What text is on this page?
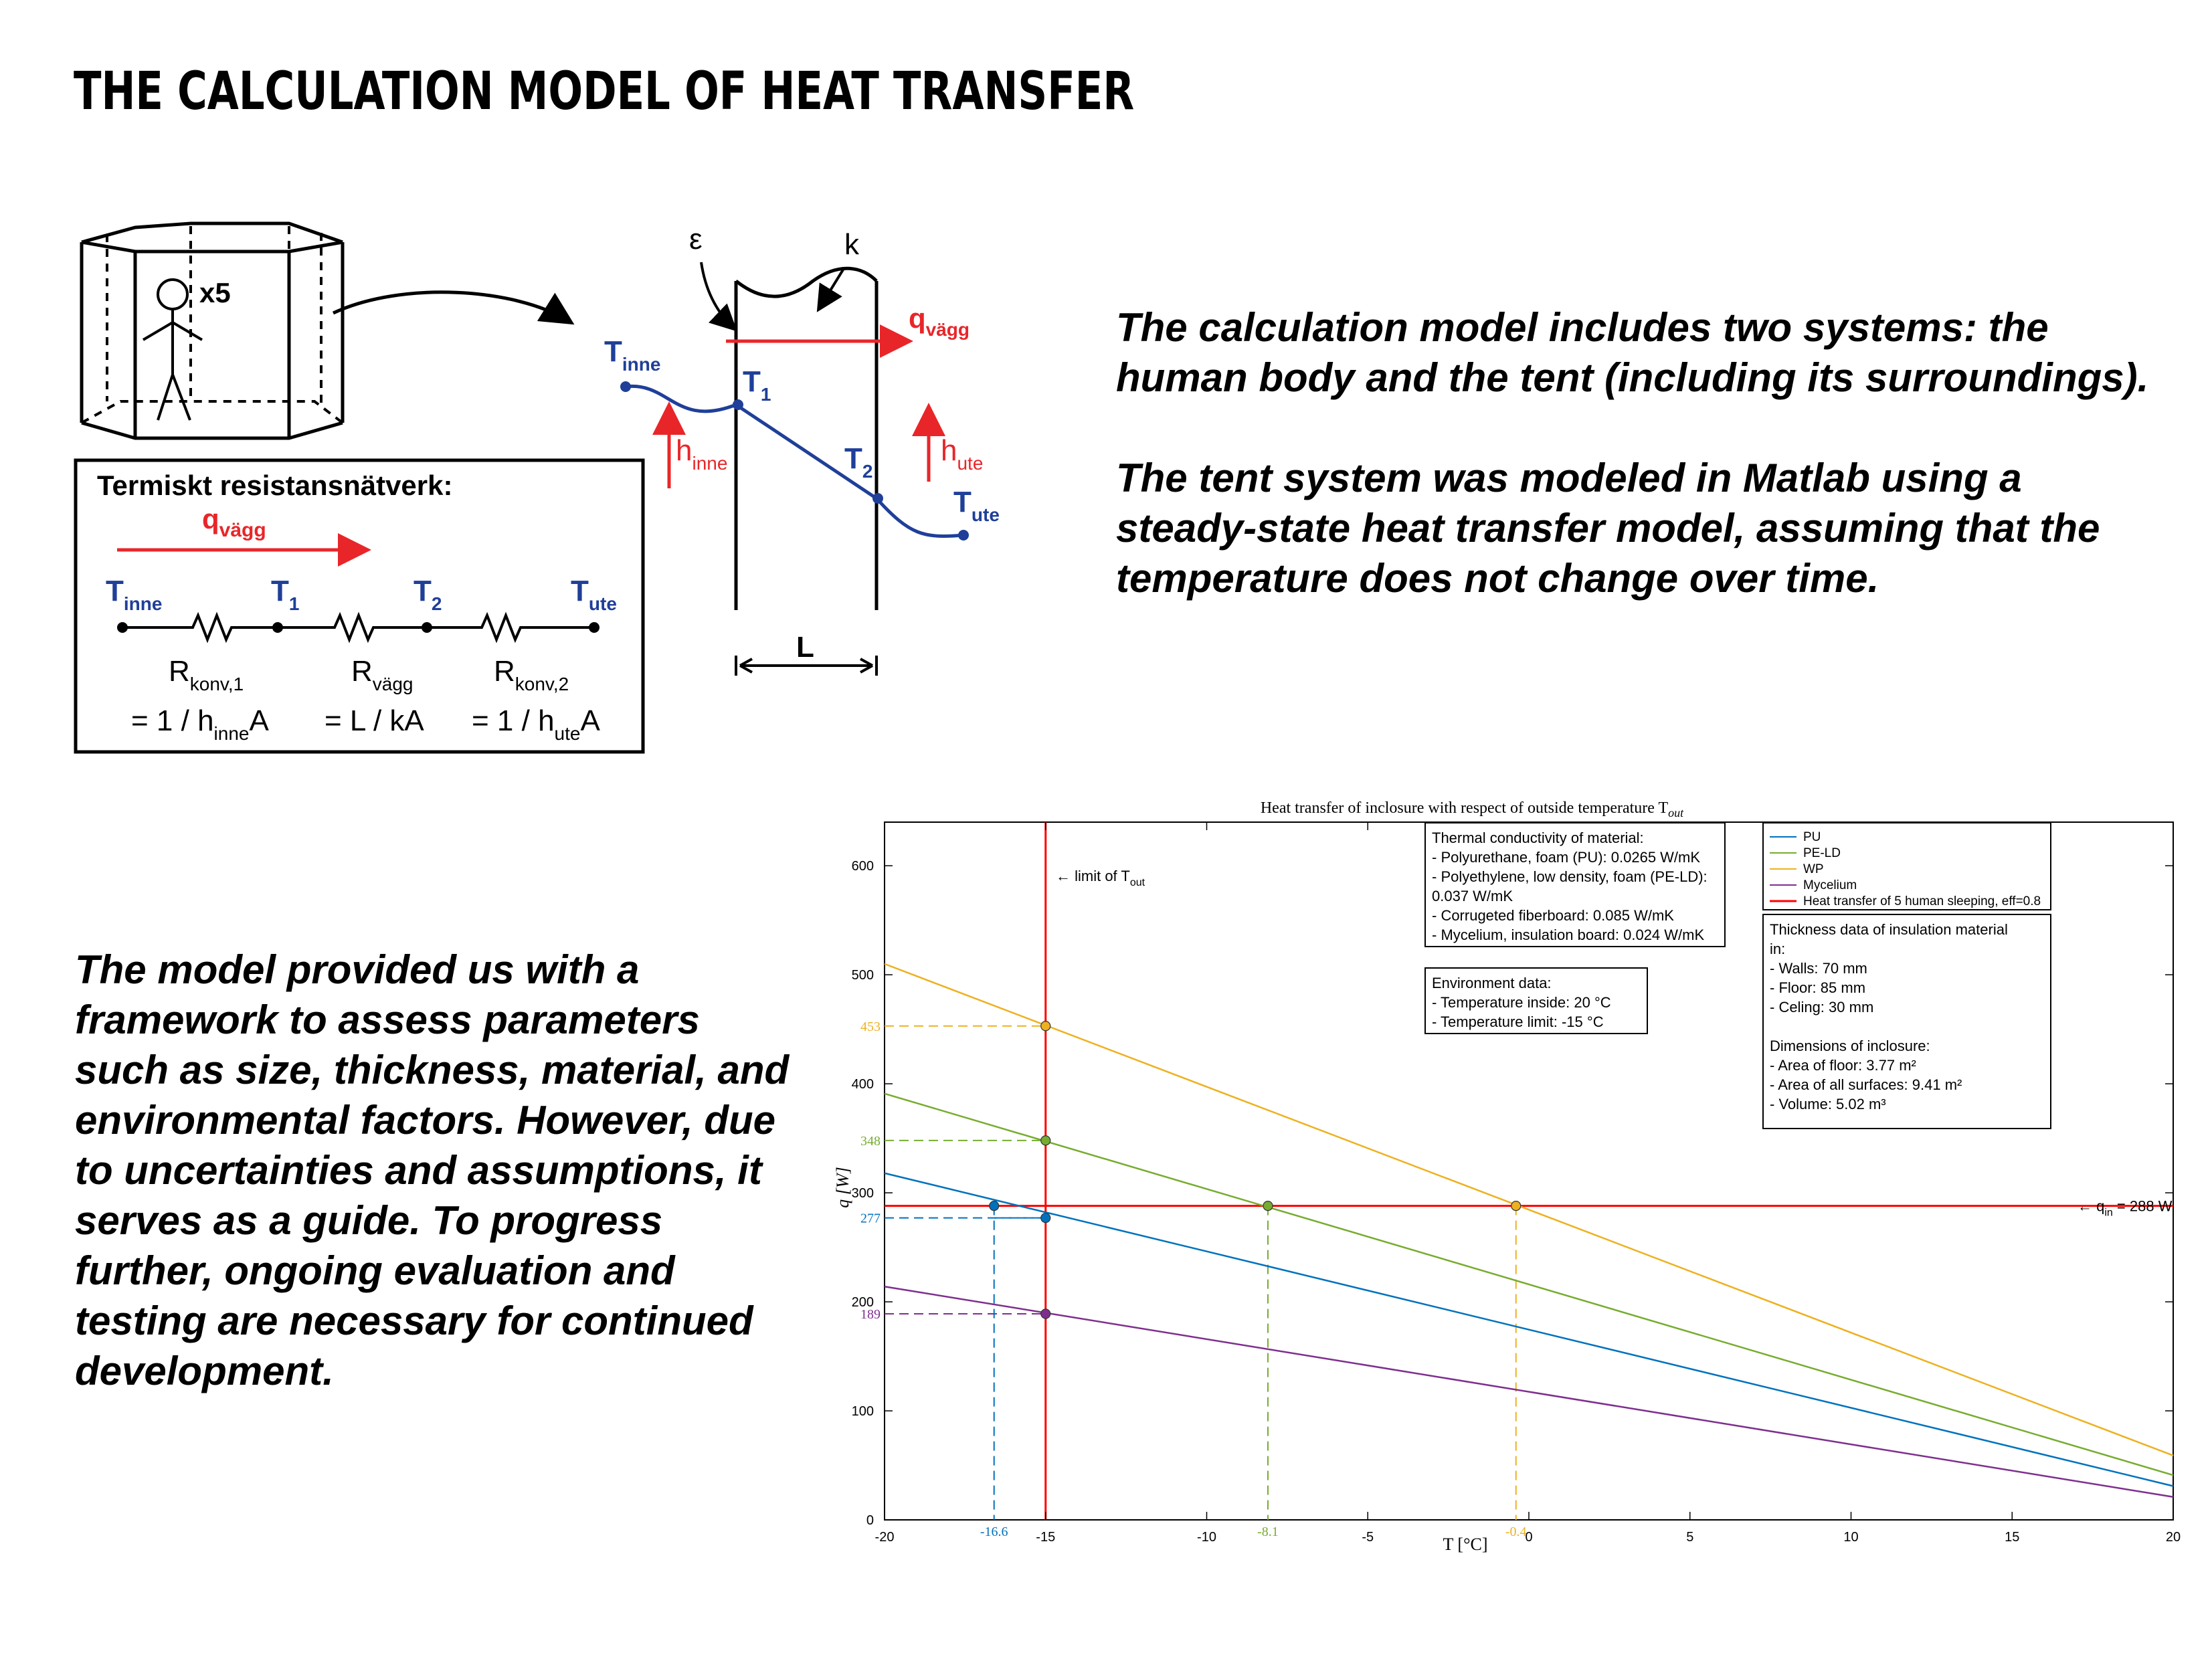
THE CALCULATION MODEL OF HEAT TRANSFER
x5
Termiskt resistansnätverk:
$q_{vägg}$
$T_{inne}$	$T_1$	$T_2$	$T_{ute}$
$R_{konv,1}$	$R_{vägg}$	$R_{konv,2}$
= $1 / h_{inne}A = L$ / kA = $1 / h_{ute}A$
ε	k
$q_{vägg}$
$T_{inne}$
$T_1$
$T_2$
$T_{ute}$
$h_{inne}$	$h_{ute}$
L

The calculation model includes two systems: the human body and the tent (including its surroundings).

The tent system was modeled in Matlab using a steady-state heat transfer model, assuming that the temperature does not change over time.

The model provided us with a framework to assess parameters such as size, thickness, material, and environmental factors. However, due to uncertainties and assumptions, it serves as a guide. To progress further, ongoing evaluation and testing are necessary for continued development.
Heat transfer of inclosure with respect of outside temperature $T_{out}$
-20	-15	-10	-5	0	5	10	15	20
0
100
200
300
400
500
600
453
348
277
189
-16.6	-8.1	-0.4
T [°C]
q [W]
← limit of $T_{out}$
← $q_{in} = 288$ W
Thermal conductivity of material:
- Polyurethane, foam (PU): 0.0265 W/mK
- Polyethylene, low density, foam (PE-LD):
0.037 W/mK
- Corrugeted fiberboard: 0.085 W/mK
- Mycelium, insulation board: 0.024 W/mK
Environment data:
- Temperature inside: 20 °C
- Temperature limit: -15 °C
Thickness data of insulation material
in:
- Walls: 70 mm
- Floor: 85 mm
- Celing: 30 mm
Dimensions of inclosure:
- Area of floor: 3.77 m²
- Area of all surfaces: 9.41 m²
- Volume: 5.02 m³
PU
PE-LD
WP
Mycelium
Heat transfer of 5 human sleeping, eff=0.8
